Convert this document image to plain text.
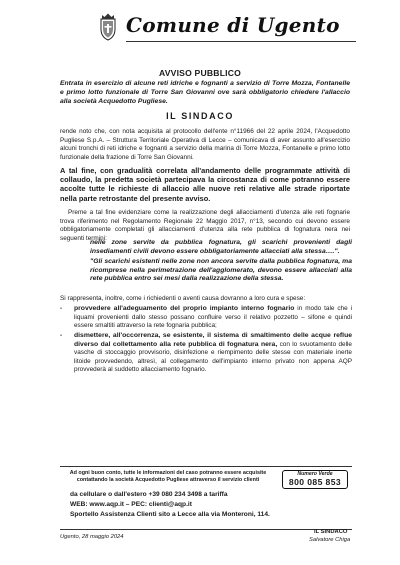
Comune di Ugento
AVVISO PUBBLICO
Entrata in esercizio di alcune reti idriche e fognanti a servizio di Torre Mozza, Fontanelle e primo lotto funzionale di Torre San Giovanni ove sarà obbligatorio chiedere l'allaccio alla società Acquedotto Pugliese.
IL SINDACO
rende noto che, con nota acquisita al protocollo dell'ente n°11966 del 22 aprile 2024, l'Acquedotto Pugliese S.p.A. – Struttura Territoriale Operativa di Lecce – comunicava di aver assunto all'esercizio alcuni tronchi di reti idriche e fognanti a servizio della marina di Torre Mozza, Fontanelle e primo lotto funzionale della frazione di Torre San Giovanni.
A tal fine, con gradualità correlata all'andamento delle programmate attività di collaudo, la predetta società partecipava la circostanza di come potranno essere accolte tutte le richieste di allaccio alle nuove reti relative alle strade riportate nella parte retrostante del presente avviso.
Preme a tal fine evidenziare come la realizzazione degli allacciamenti d'utenza alle reti fognarie trova riferimento nel Regolamento Regionale 22 Maggio 2017, n°13, secondo cui devono essere obbligatoriamente completati gli allacciamenti d'utenza alla rete pubblica di fognatura nera nei seguenti termini:
nelle zone servite da pubblica fognatura, gli scarichi provenienti dagli insediamenti civili devono essere obbligatoriamente allacciati alla stessa….".
"Gli scarichi esistenti nelle zone non ancora servite dalla pubblica fognatura, ma ricomprese nella perimetrazione dell'agglomerato, devono essere allacciati alla rete pubblica entro sei mesi dalla realizzazione della stessa.
Si rappresenta, inoltre, come i richiedenti o aventi causa dovranno a loro cura e spese:
-	provvedere all'adeguamento del proprio impianto interno fognario in modo tale che i liquami provenienti dallo stesso possano confluire verso il relativo pozzetto – sifone e quindi essere smaltiti attraverso la rete fognaria pubblica;
-	dismettere, all'occorrenza, se esistente, il sistema di smaltimento delle acque reflue diverso dal collettamento alla rete pubblica di fognatura nera, con lo svuotamento delle vasche di stoccaggio provvisorio, disinfezione e riempimento delle stesse con materiale inerte litoide provvedendo, altresì, al collegamento dell'impianto interno privato non appena AQP provvederà al suddetto allacciamento fognario.
Ad ogni buon conto, tutte le informazioni del caso potranno essere acquisite contattando la società Acquedotto Pugliese attraverso il servizio clienti
Numero Verde
800 085 853
da cellulare o dall'estero +39 080 234 3498 a tariffa
WEB: www.aqp.it – PEC: clienti@aqp.it
Sportello Assistenza Clienti sito a Lecce alla via Monteroni, 114.
Ugento, 28 maggio 2024
IL SINDACO
Salvatore Chiga
